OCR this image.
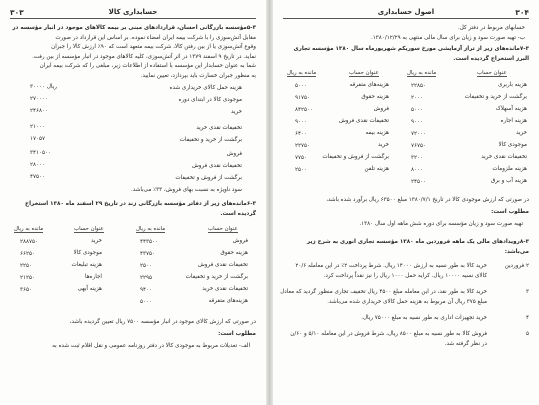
حسابداری کالا
۳۰۳
۵-۳مؤسسه بازرگانی احسان، قراردادهای مبنی بر بیمه کالاهای موجود در انبار مؤسسه در
مقابل آتش‌سوزی را با شرکت بیمه ایران امضاء نموده. بر اساس این قرارداد در صورت
وقوع آتش‌سوزی یا از بین رفتن کالا، شرکت بیمه متعهد است که ۹۰٪ ارزش کالا را جبران
نماید. در تاریخ ۹ اسفند ۱۳۷۹ در اثر آتش‌سوزی، کلیه کالاهای موجود در انبار مؤسسه از بین رفت.
شما به عنوان حسابدار این مؤسسه با استفاده از اطلاعات زیر، مبلغی را که شرکت بیمه ایران
به منظور جبران خسارت باید بپردازد، تعیین نمایید.
هزینه حمل کالای خریداری شده
۳۰۰۰۰ ریال
موجودی کالا در ابتدای دوره
۲۷۰۰۰۰
خرید
۲۴۶۸۰۰
تخفیفات نقدی خرید
۲۱۰۰۰
برگشت از خرید و تخفیفات
۱۷۰۵۷
فروش
۳۴۱۰۵۰۰
تخفیفات نقدی فروش
۲۸۰۰۰
برگشت از فروش و تخفیفات
۴۷۵۰۰
سود ناویژه به نسبت بهای فروش، ۳۳٪ می‌باشد.
۶-۳مانده‌های زیر از دفاتر مؤسسه بازرگانی زند در تاریخ ۲۹ اسفند ماه ۱۳۸۰ استخراج
گردیده است.
مانده به ریال	عنوان حساب	مانده به ریال	عنوان حساب
۲۸۸۷۵۰	خرید	۴۴۳۵۰۰	فروش
۶۶۲۵۰	موجودی کالا	۴۳۷۵۰	هزینه حقوق
۲۲۵۰	هزینه تبلیغات	۲۵۰۰	تخفیفات نقدی فروش
۲۱۲۵۰	اجاره‌ها	۲۲۹۵	برگشت از خرید و تخفیفات
۳۶۵۰	هزینه آبهی	۹۴۰۰	تخفیفات نقدی خرید
۵۰۰۰	هزینه‌های متفرقه
در صورتی که ارزش کالای موجود در انبار مؤسسه ۷۵۰۰ ریال تعیین گردیده باشد،
مطلوب است:
الف- تعدیلات مربوط به موجودی کالا در دفتر روزنامه عمومی و نقل اقلام ثبت شده به
اصول حسابداری	۳۰۴
حسابهای مربوط در دفتر کل.
ب- تهیه صورت سود و زیان برای سال مالی منتهی به ۱۳۸۰/۱۲/۲۹.
۷-۳مانده‌های زیر از تراز آزمایشی مورخ سوریکم شهریورماه سال ۱۳۸۰ مؤسسه تجاری
البرز استخراج گردیده است.
مانده به ریال	عنوان حساب	مانده به ریال	عنوان حساب
۵۰۰۰	هزینه‌های متفرقه	۲۲۸۵۰	هزینه باربری
۹۱۷۵۰	هزینه حقوق	۲۰۰۰	برگشت از خرید و تخفیفات
۸۴۲۵۰۰	فروش	۵۰۰۰	هزینه آسهلاک
۹۰۰۰	تخفیفات نقدی فروش	۹۰۰۰	هزینه اجاره
۶۴۰۰	هزینه بیمه	۷۲۰۰۰	خرید
۲۲۷۵۰	خرید	۷۶۷۵۰	موجودی کالا
۷۷۵۰	برگشت از فروش و تخفیفات	۳۲۰۰	تخفیفات نقدی خرید
۲۵۰۰	هزینه تلفن	۸۰۰۰	هزینه ملزومات
۲۴۵۰۰	هزینه آب و برق
در صورتی که ارزش موجودی کالا در تاریخ ۱۳۸۰/۷/۱ مبلغ ۶۳۵۰۰ ریال برآورد شده باشد،
مطلوب است:
تهیه صورت سود و زیان مؤسسه برای دوره شش ماهه اول سال ۱۳۸۰.
۸-۳رویدادهای مالی یک ماهه فروردین ماه ۱۳۸۰ مؤسسه تجاری انوری به شرح زیر
می‌باشد:
۲ فروردین
خرید کالا به طور نسیه به ارزش ۱۴۰۰۰ ریال. شرط پرداخت ۲٪ در این معامله ۲۰/۶
کالای نسیه ۱۰۰۰۰ ریال. کرایه حمل ۱۰۰۰ ریال را نیز نقداً پرداخت کرد.
۳
خرید کالا به طور نقد، در این معامله مبلغ ۴۵۰۰ ریال تخفیف تجاری منظور گردید که معادل
مبلغ ۳۷۵ ریال آن مربوط به هزینه حمل کالای خریداری شده می‌باشد.
۴
خرید تجهیزات اداری به طور نسیه به مبلغ ۷۵۰۰۰ ریال.
۵
فروش کالا به طور نسیه به مبلغ ۸۵۰۰ ریال، شرط فروش در این معامله ۵/۱۰ و ۶۰/ن
در نظر گرفته شد.
